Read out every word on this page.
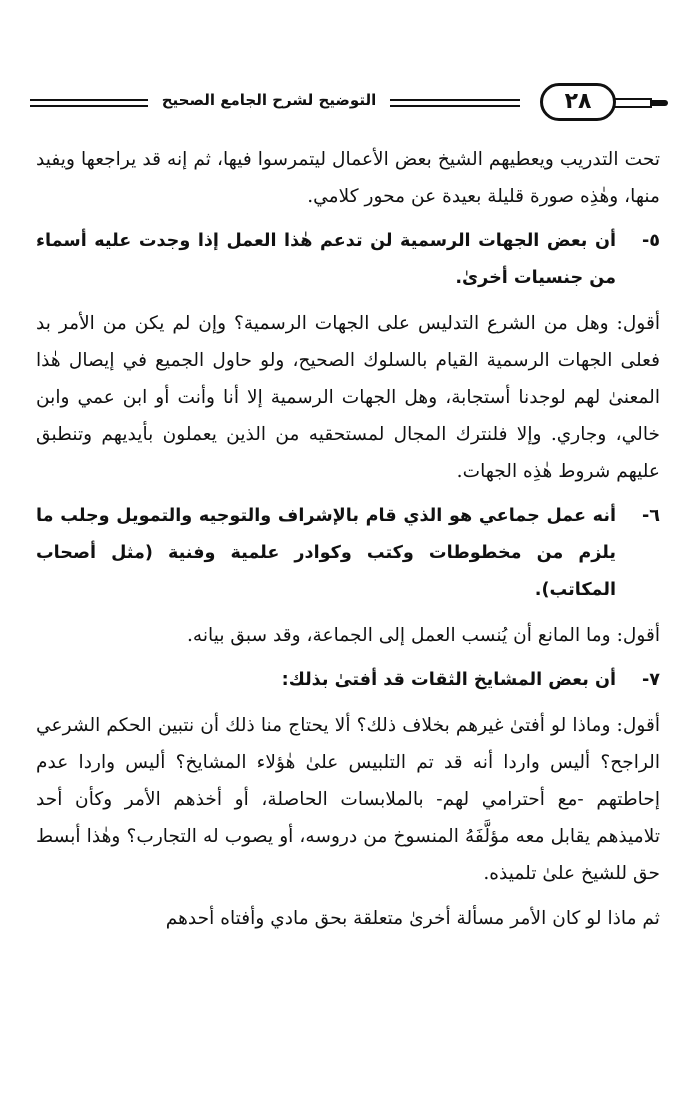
التوضيح لشرح الجامع الصحيح	٢٨

تحت التدريب ويعطيهم الشيخ بعض الأعمال ليتمرسوا فيها، ثم إنه قد يراجعها ويفيد منها، وهٰذِه صورة قليلة بعيدة عن محور كلامي.

٥-

أن بعض الجهات الرسمية لن تدعم هٰذا العمل إذا وجدت عليه أسماء من جنسيات أخرىٰ.

أقول: وهل من الشرع التدليس على الجهات الرسمية؟ وإن لم يكن من الأمر بد فعلى الجهات الرسمية القيام بالسلوك الصحيح، ولو حاول الجميع في إيصال هٰذا المعنىٰ لهم لوجدنا أستجابة، وهل الجهات الرسمية إلا أنا وأنت أو ابن عمي وابن خالي، وجاري. وإلا فلنترك المجال لمستحقيه من الذين يعملون بأيديهم وتنطبق عليهم شروط هٰذِه الجهات.

٦-

أنه عمل جماعي هو الذي قام بالإشراف والتوجيه والتمويل وجلب ما يلزم من مخطوطات وكتب وكوادر علمية وفنية (مثل أصحاب المكاتب).

أقول: وما المانع أن يُنسب العمل إلى الجماعة، وقد سبق بيانه.

٧-

أن بعض المشايخ الثقات قد أفتىٰ بذلك:

أقول: وماذا لو أفتىٰ غيرهم بخلاف ذلك؟ ألا يحتاج منا ذلك أن نتبين الحكم الشرعي الراجح؟ أليس واردا أنه قد تم التلبيس علىٰ هٰؤلاء المشايخ؟ أليس واردا عدم إحاطتهم -مع أحترامي لهم- بالملابسات الحاصلة، أو أخذهم الأمر وكأن أحد تلاميذهم يقابل معه مؤلَّفَهُ المنسوخ من دروسه، أو يصوب له التجارب؟ وهٰذا أبسط حق للشيخ علىٰ تلميذه.

ثم ماذا لو كان الأمر مسألة أخرىٰ متعلقة بحق مادي وأفتاه أحدهم
